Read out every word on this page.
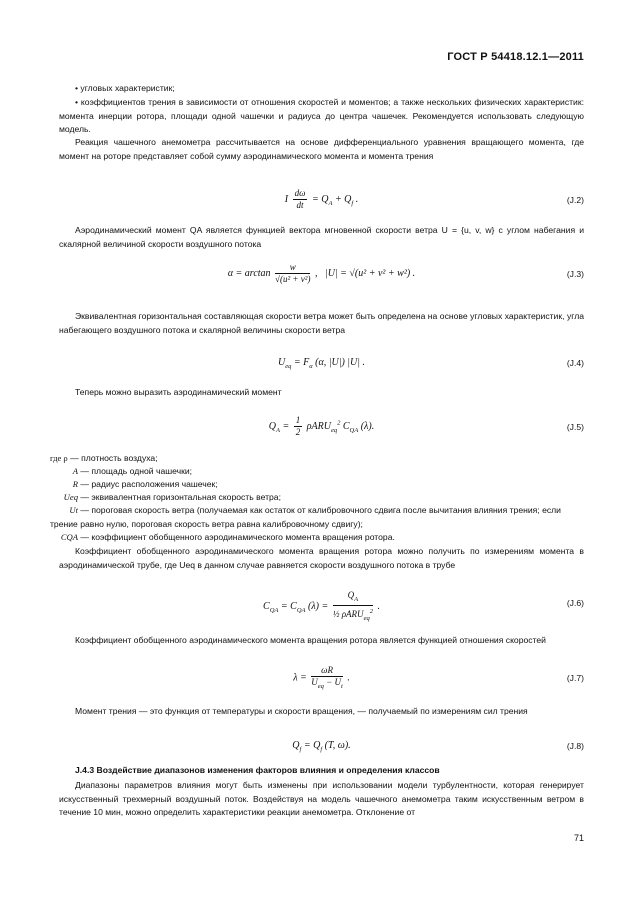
ГОСТ Р 54418.12.1—2011
• угловых характеристик;
• коэффициентов трения в зависимости от отношения скоростей и моментов; а также нескольких физических характеристик: момента инерции ротора, площади одной чашечки и радиуса до центра чашечек. Рекомендуется использовать следующую модель.
Реакция чашечного анемометра рассчитывается на основе дифференциального уравнения вращающего момента, где момент на роторе представляет собой сумму аэродинамического момента и момента трения
I $\frac{d\omega}{dt} = Q_A + Q_f$ .	(J.2)
Аэродинамический момент QA является функцией вектора мгновенной скорости ветра U = {u, v, w} с углом набегания и скалярной величиной скорости воздушного потока
$\alpha = \arctan \frac{w}{\text{√(u² + v²)}}$ ,   |U| = √(u² + v² + w²) .	(J.3)
Эквивалентная горизонтальная составляющая скорости ветра может быть определена на основе угловых характеристик, угла набегающего воздушного потока и скалярной величины скорости ветра
$U_{eq} = F_\alpha$ (α, |U|) |U| .	(J.4)
Теперь можно выразить аэродинамический момент
$Q_A = \frac{1}{2} \rho ARU_{eq}^2$ $C_{QA}$ (λ).	(J.5)
где ρ — плотность воздуха;
A — площадь одной чашечки;
R — радиус расположения чашечек;
Ueq — эквивалентная горизонтальная скорость ветра;
Ut — пороговая скорость ветра (получаемая как остаток от калибровочного сдвига после вычитания влияния трения; если трение равно нулю, пороговая скорость ветра равна калибровочному сдвигу);
CQA — коэффициент обобщенного аэродинамического момента вращения ротора.
Коэффициент обобщенного аэродинамического момента вращения ротора можно получить по измерениям момента в аэродинамической трубе, где Ueq в данном случае равняется скорости воздушного потока в трубе
$C_{QA} = C_{QA}$ $(\lambda) = \frac{Q_A}{\frac{1}{2} \rho ARU_{eq}^2}$ .	(J.6)
Коэффициент обобщенного аэродинамического момента вращения ротора является функцией отношения скоростей
$\lambda = \frac{\omega R}{U_{eq} - U_t}$ .	(J.7)
Момент трения — это функция от температуры и скорости вращения, — получаемый по измерениям сил трения
$Q_f = Q_f$ (T, ω).	(J.8)
J.4.3 Воздействие диапазонов изменения факторов влияния и определения классов
Диапазоны параметров влияния могут быть изменены при использовании модели турбулентности, которая генерирует искусственный трехмерный воздушный поток. Воздействуя на модель чашечного анемометра таким искусственным ветром в течение 10 мин, можно определить характеристики реакции анемометра. Отклонение от
71
